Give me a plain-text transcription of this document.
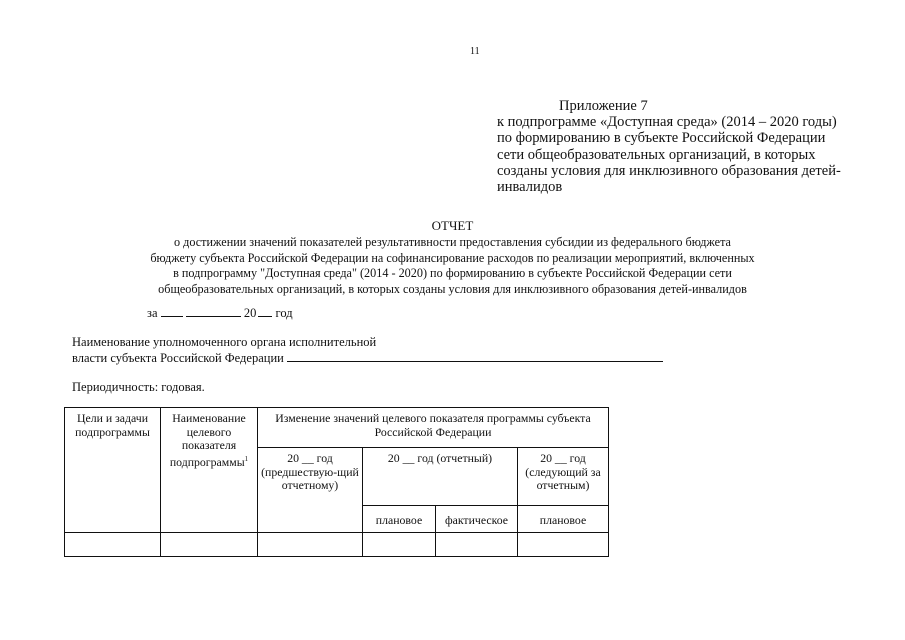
11
Приложение 7
к подпрограмме «Доступная среда» (2014 – 2020 годы)
по формированию в субъекте Российской Федерации
сети общеобразовательных организаций, в которых
созданы условия для инклюзивного образования детей-
инвалидов
ОТЧЕТ
о достижении значений показателей результативности предоставления субсидии из федерального бюджета
бюджету субъекта Российской Федерации на софинансирование расходов по реализации мероприятий, включенных
в подпрограмму "Доступная среда" (2014 - 2020) по формированию в субъекте Российской Федерации сети
общеобразовательных организаций, в которых созданы условия для инклюзивного образования детей-инвалидов
за	20 год
Наименование уполномоченного органа исполнительной
власти субъекта Российской Федерации
Периодичность: годовая.
Цели и задачи подпрограммы	Наименование целевого показателя подпрограммы$^1$	Изменение значений целевого показателя программы субъекта Российской Федерации			
		20 __ год (предшествую-щий отчетному)	20 __ год (отчетный)		20 __ год (следующий за отчетным)
			плановое	фактическое	плановое
